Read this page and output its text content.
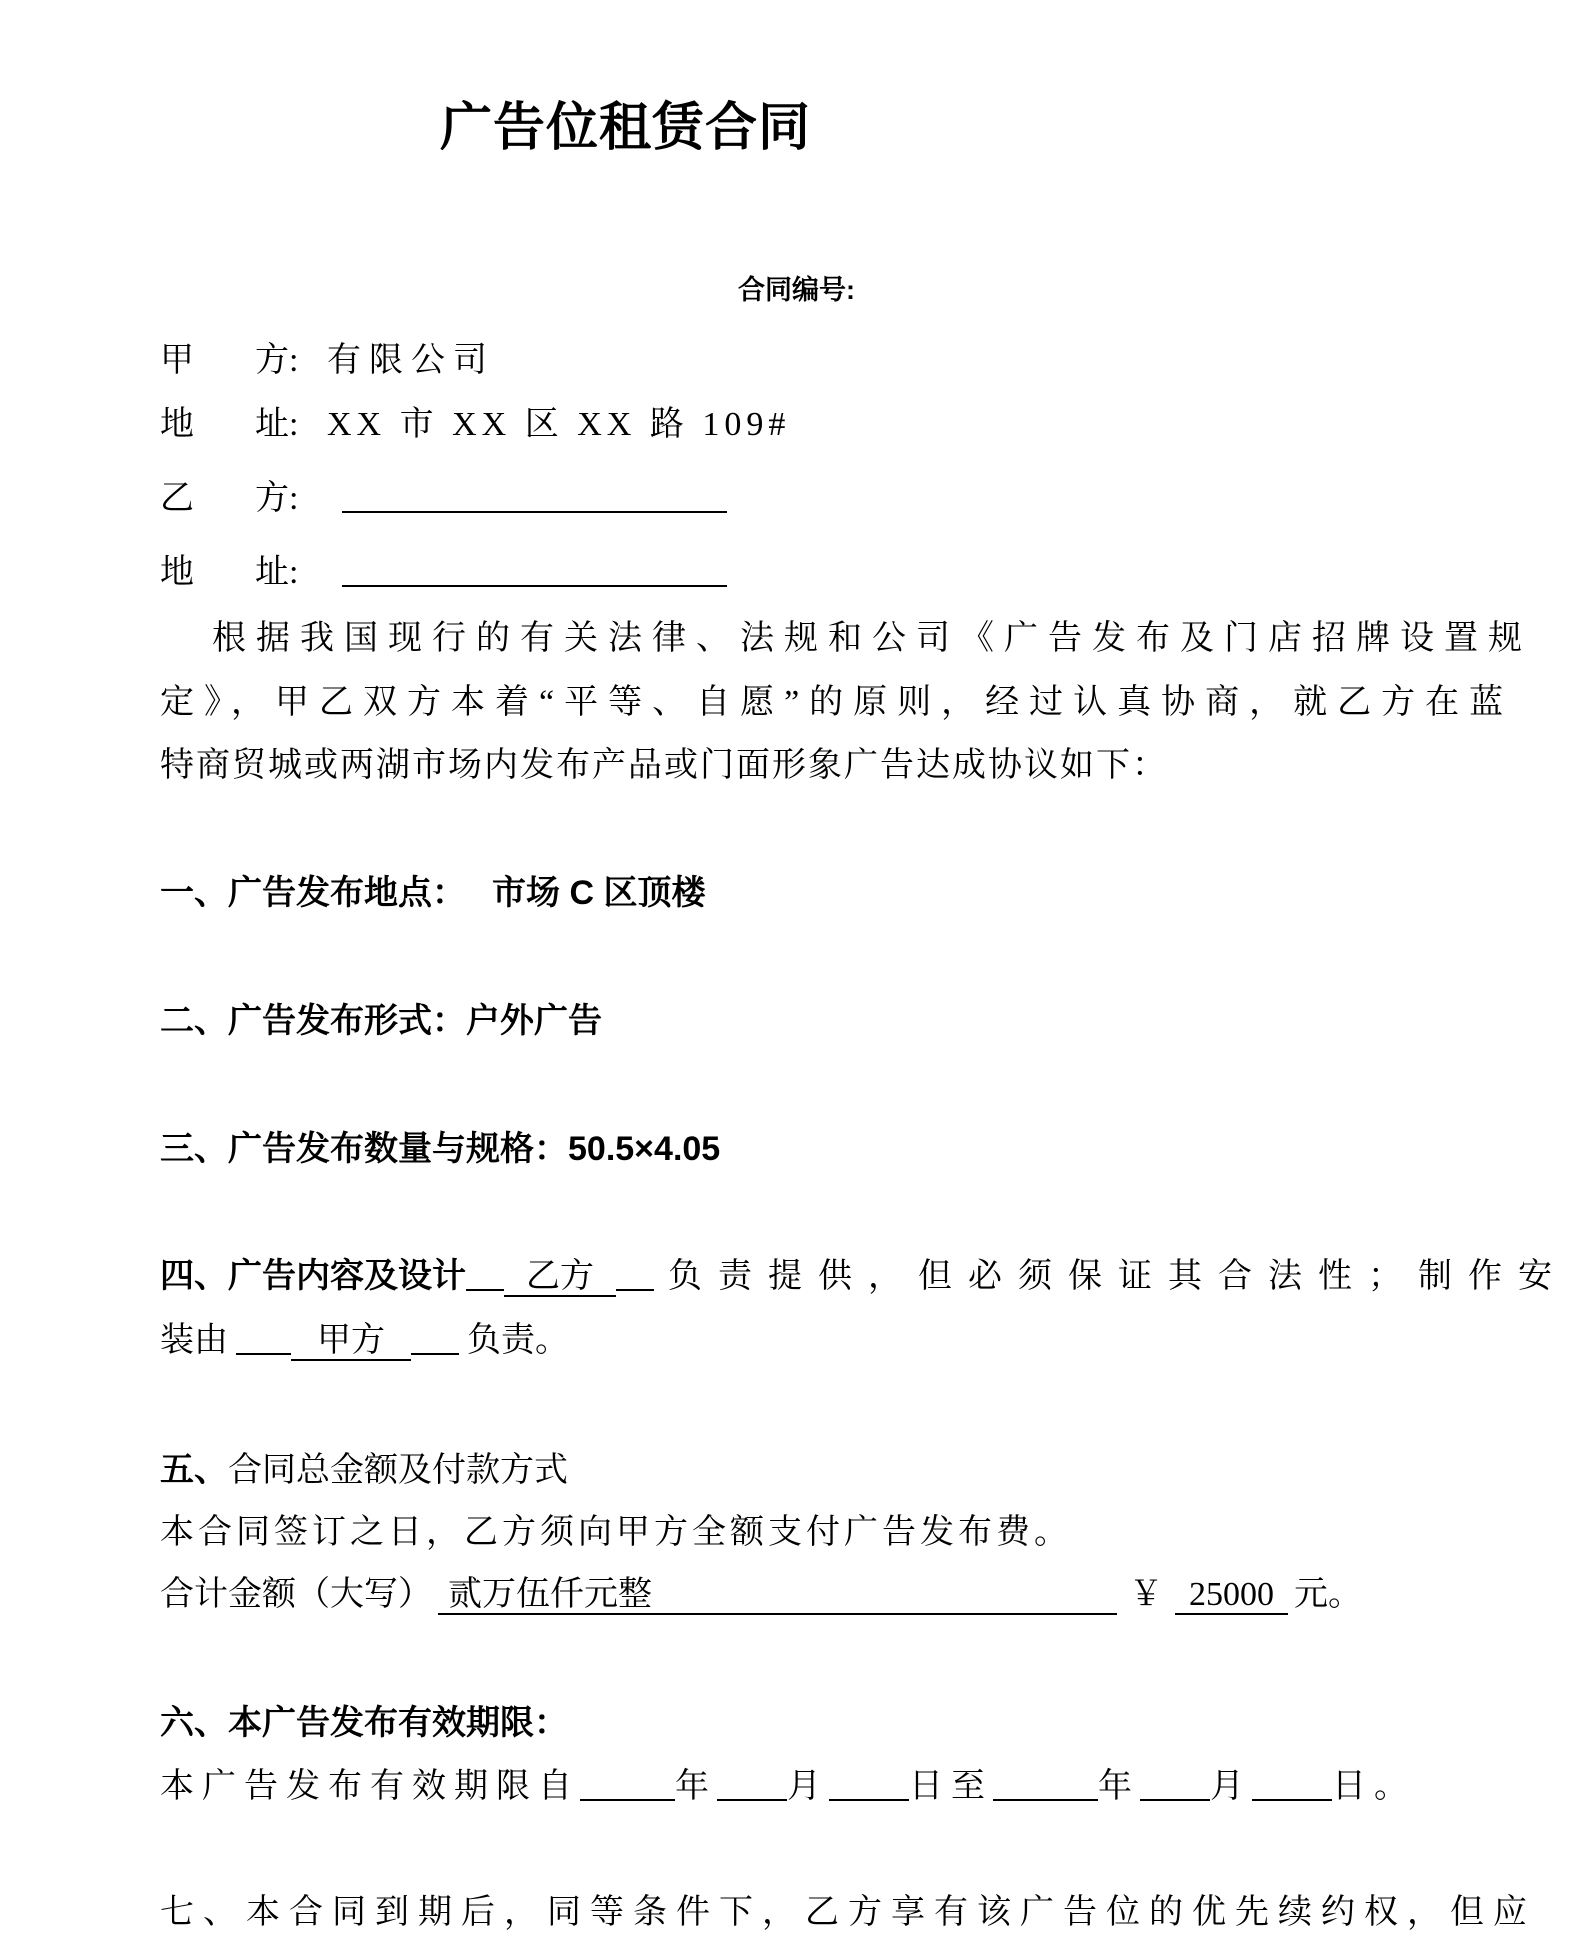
广告位租赁合同
合同编号:
甲 方: 有限公司
地 址: XX 市 XX 区 XX 路 109#
乙 方:
地 址:
根据我国现行的有关法律、法规和公司《广告发布及门店招牌设置规
定》，甲乙双方本着“平等、自愿”的原则，经过认真协商，就乙方在蓝
特商贸城或两湖市场内发布产品或门面形象广告达成协议如下：
一、广告发布地点： 市场 C 区顶楼
二、广告发布形式：户外广告
三、广告发布数量与规格：50.5×4.05
四、广告内容及设计 乙方 负责提供，但必须保证其合法性；制作安
装由	甲方 负责。
五、合同总金额及付款方式
本合同签订之日，乙方须向甲方全额支付广告发布费。
合计金额（大写） 贰万伍仟元整	￥ 25000 元。
六、本广告发布有效期限：
本广告发布有效期限自	年 月 日至	年 月 日。
七、本合同到期后，同等条件下，乙方享有该广告位的优先续约权，但应
